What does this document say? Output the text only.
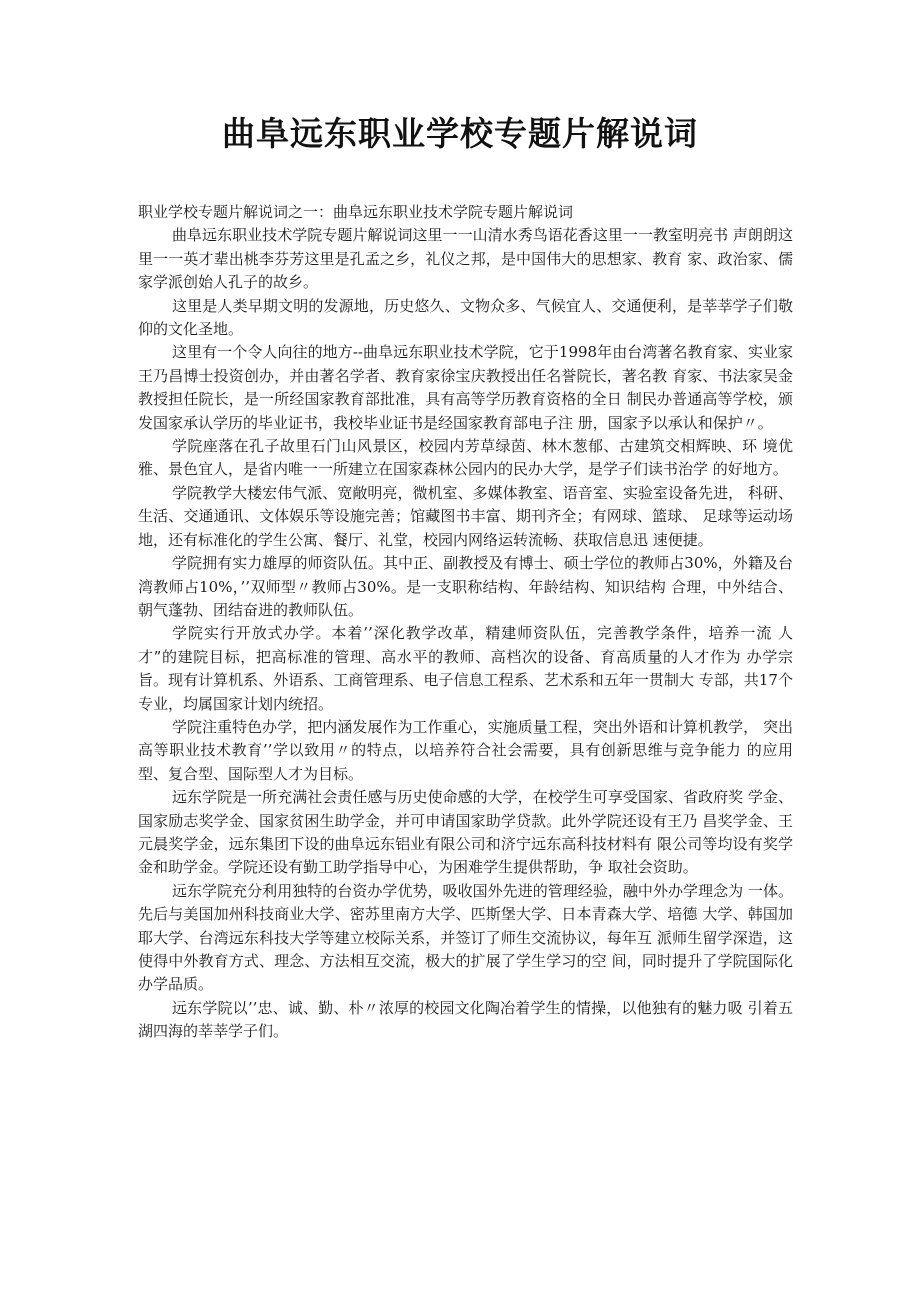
曲阜远东职业学校专题片解说词

职业学校专题片解说词之一：曲阜远东职业技术学院专题片解说词

曲阜远东职业技术学院专题片解说词这里一一山清水秀鸟语花香这里一一教室明亮书 声朗朗这里一一英才辈出桃李芬芳这里是孔孟之乡，礼仪之邦，是中国伟大的思想家、教育 家、政治家、儒家学派创始人孔子的故乡。

这里是人类早期文明的发源地，历史悠久、文物众多、气候宜人、交通便利，是莘莘学子们敬仰的文化圣地。

这里有一个令人向往的地方--曲阜远东职业技术学院，它于1998年由台湾著名教育家、实业家王乃昌博士投资创办，并由著名学者、教育家徐宝庆教授出任名誉院长，著名教 育家、书法家吴金教授担任院长，是一所经国家教育部批准，具有高等学历教育资格的全日 制民办普通高等学校，颁发国家承认学历的毕业证书，我校毕业证书是经国家教育部电子注 册，国家予以承认和保护〃。

学院座落在孔子故里石门山风景区，校园内芳草绿茵、林木葱郁、古建筑交相辉映、环 境优雅、景色宜人，是省内唯一一所建立在国家森林公园内的民办大学，是学子们读书治学 的好地方。

学院教学大楼宏伟气派、宽敞明亮，微机室、多媒体教室、语音室、实验室设备先进， 科研、生活、交通通讯、文体娱乐等设施完善；馆藏图书丰富、期刊齐全；有网球、篮球、 足球等运动场地，还有标准化的学生公寓、餐厅、礼堂，校园内网络运转流畅、获取信息迅 速便捷。

学院拥有实力雄厚的师资队伍。其中正、副教授及有博士、硕士学位的教师占30%，外籍及台湾教师占10%，’’双师型〃教师占30%。是一支职称结构、年龄结构、知识结构 合理，中外结合、朝气蓬勃、团结奋进的教师队伍。

学院实行开放式办学。本着’’深化教学改革，精建师资队伍，完善教学条件，培养一流 人才”的建院目标，把高标准的管理、高水平的教师、高档次的设备、育高质量的人才作为 办学宗旨。现有计算机系、外语系、工商管理系、电子信息工程系、艺术系和五年一贯制大 专部，共17个专业，均属国家计划内统招。

学院注重特色办学，把内涵发展作为工作重心，实施质量工程，突出外语和计算机教学， 突出高等职业技术教育’’学以致用〃的特点，以培养符合社会需要，具有创新思维与竞争能力 的应用型、复合型、国际型人才为目标。

远东学院是一所充满社会责任感与历史使命感的大学，在校学生可享受国家、省政府奖 学金、国家励志奖学金、国家贫困生助学金，并可申请国家助学贷款。此外学院还设有王乃 昌奖学金、王元晨奖学金，远东集团下设的曲阜远东铝业有限公司和济宁远东高科技材料有 限公司等均设有奖学金和助学金。学院还设有勤工助学指导中心，为困难学生提供帮助，争 取社会资助。

远东学院充分利用独特的台资办学优势，吸收国外先进的管理经验，融中外办学理念为 一体。先后与美国加州科技商业大学、密苏里南方大学、匹斯堡大学、日本青森大学、培德 大学、韩国加耶大学、台湾远东科技大学等建立校际关系，并签订了师生交流协议，每年互 派师生留学深造，这使得中外教育方式、理念、方法相互交流，极大的扩展了学生学习的空 间，同时提升了学院国际化办学品质。

远东学院以’’忠、诚、勤、朴〃浓厚的校园文化陶冶着学生的情操，以他独有的魅力吸 引着五湖四海的莘莘学子们。
